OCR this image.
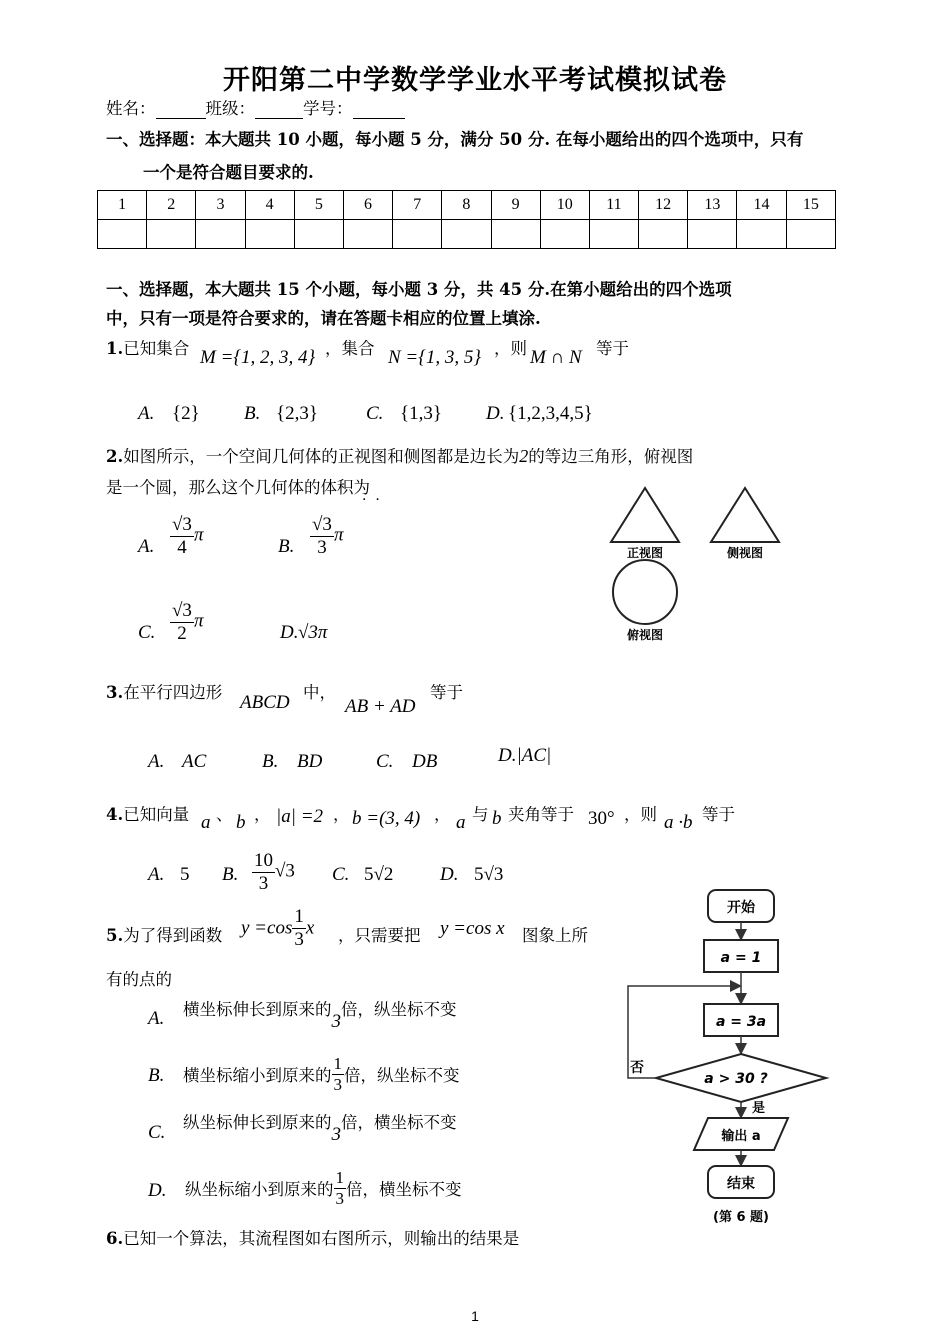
开阳第二中学数学学业水平考试模拟试卷
姓名：	班级：	学号：
一、选择题：本大题共 10 小题，每小题 5 分，满分 50 分. 在每小题给出的四个选项中，只有
一个是符合题目要求的.
1	2	3	4	5	6	7	8	9	10	11	12	13	14	15

一、选择题，本大题共 15 个小题，每小题 3 分，共 45 分.在第小题给出的四个选项
中，只有一项是符合要求的，请在答题卡相应的位置上填涂.
1.已知集合 M ={1, 2, 3, 4} ，集合 N ={1, 3, 5} ，则 M ∩ N 等于
A. {2} B. {2,3}	C. {1,3} D. {1,2,3,4,5}
2.如图所示，一个空间几何体的正视图和侧图都是边长为2的等边三角形，俯视图
是一个圆，那么这个几何体的体积为
·  ·
A. $\frac{√3}{4}$ π
B. $\frac{√3}{3}$ π
C. $\frac{√3}{2}$ π
D. √3π
正视图	侧视图
俯视图
3.在平行四边形 ABCD 中，
AB + AD
等于
A. AC	B. BD	C. DB	D.|AC|
4.已知向量 a 、 b ， |a| =2 ， b =(3, 4) ， a 与 b 夹角等于 30° ，则 a ·b 等于
A. 5 B. $\frac{10}{3} √3$ C. 5√2 D. 5√3
5.为了得到函数 $y =\cos \frac{1}{3}$ x ，只需要把 y =cos x 图象上所
有的点的
A. 横坐标伸长到原来的3倍，纵坐标不变
B. 横坐标缩小到原来的 $\frac{1}{3}$ 倍，纵坐标不变
C. 纵坐标伸长到原来的3倍，横坐标不变
D. 纵坐标缩小到原来的 $\frac{1}{3}$ 倍，横坐标不变
6.已知一个算法，其流程图如右图所示，则输出的结果是
开始
a = 1
a = 3a
a > 30 ?
否
是
输出 a
结束
(第 6 题)
1
